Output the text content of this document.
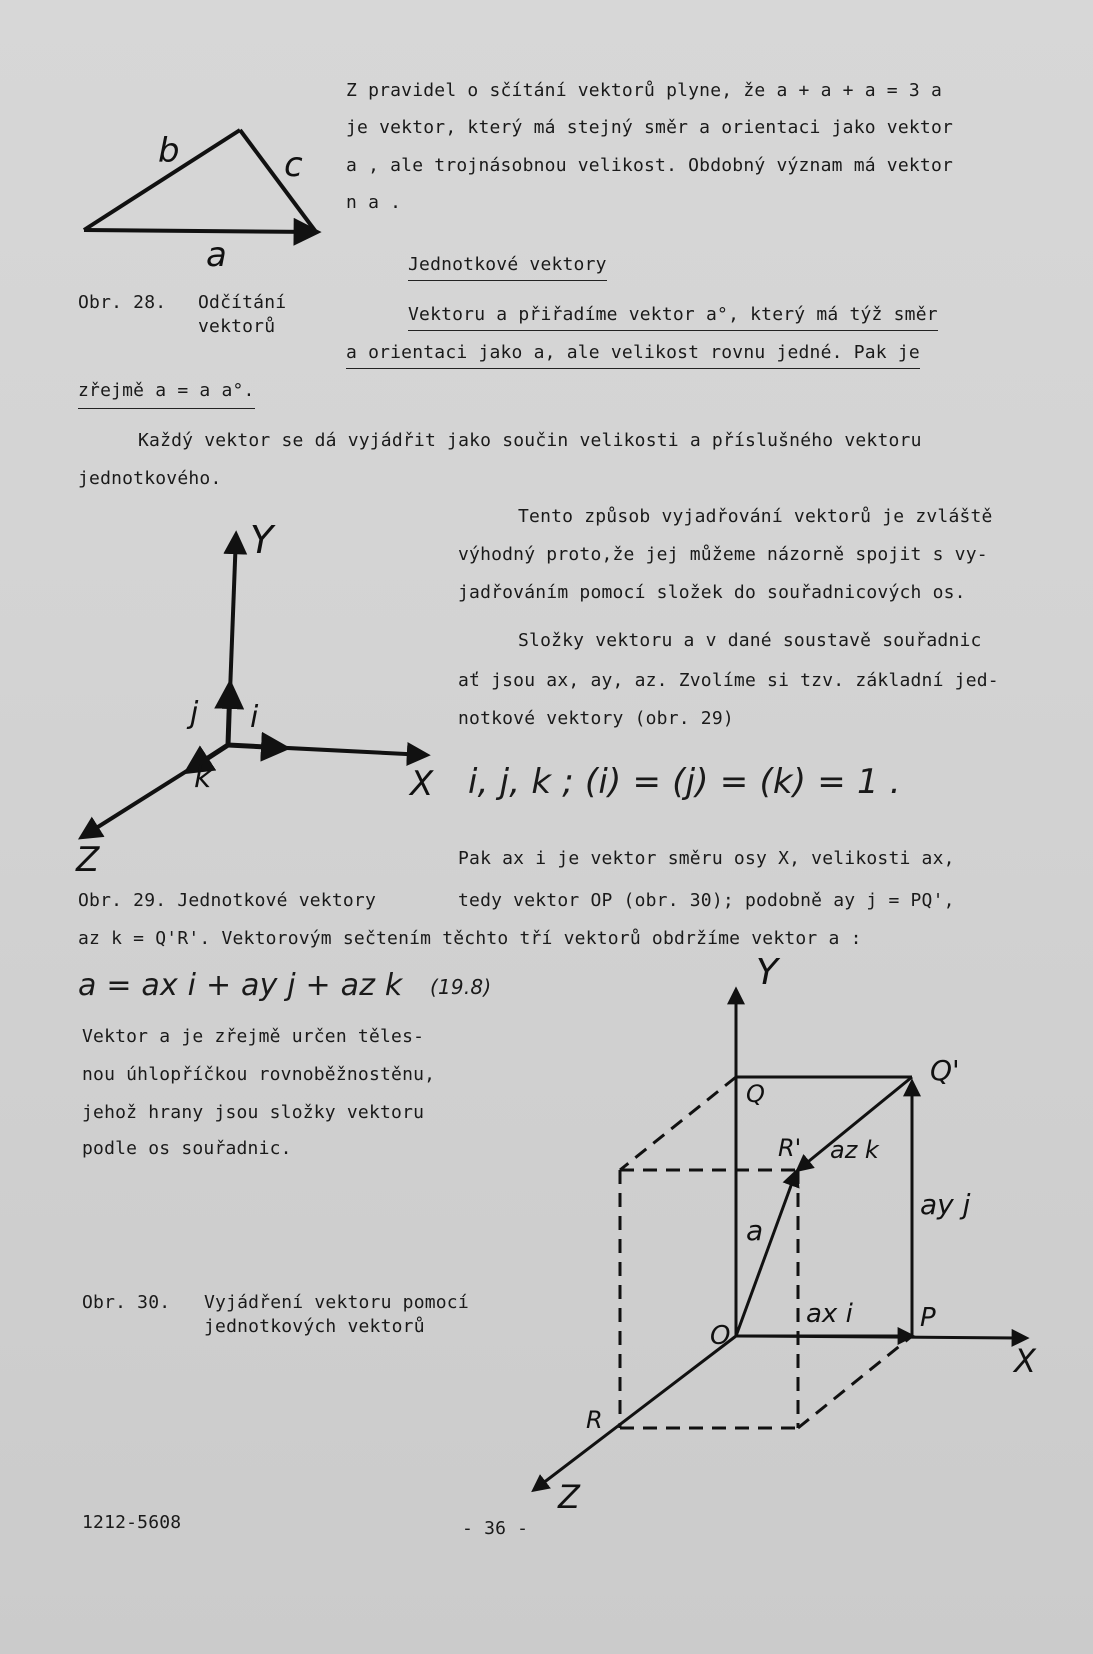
Z pravidel o sčítání vektorů plyne, že a + a + a = 3 a
je vektor, který má stejný směr a orientaci jako vektor
a , ale trojnásobnou velikost. Obdobný význam má vektor
n a .
b	c
a
Obr. 28. Odčítání
vektorů
Jednotkové vektory
Vektoru a přiřadíme vektor a°, který má týž směr
a orientaci jako a, ale velikost rovnu jedné. Pak je
zřejmě a = a a°.
Každý vektor se dá vyjádřit jako součin velikosti a příslušného vektoru
jednotkového.
Tento způsob vyjadřování vektorů je zvláště
výhodný proto,že jej můžeme názorně spojit s vy-
jadřováním pomocí složek do souřadnicových os.
Složky vektoru a v dané soustavě souřadnic
ať jsou ax, ay, az. Zvolíme si tzv. základní jed-
notkové vektory (obr. 29)
Y
X
Z
j i
k	i, j, k ; (i) = (j) = (k) = 1 .
Obr. 29. Jednotkové vektory
Pak ax i je vektor směru osy X, velikosti ax,
tedy vektor OP (obr. 30); podobně ay j = PQ',
az k = Q'R'. Vektorovým sečtením těchto tří vektorů obdržíme vektor a :
a = ax i + ay j + az k (19.8)
Vektor a je zřejmě určen těles-
nou úhlopříčkou rovnoběžnostěnu,
jehož hrany jsou složky vektoru
podle os souřadnic.
Obr. 30. Vyjádření vektoru pomocí
jednotkových vektorů
Y
X
Z
O
P
Q
Q'
R
R'
ax i
ay j
az k
a
1212-5608	- 36 -
